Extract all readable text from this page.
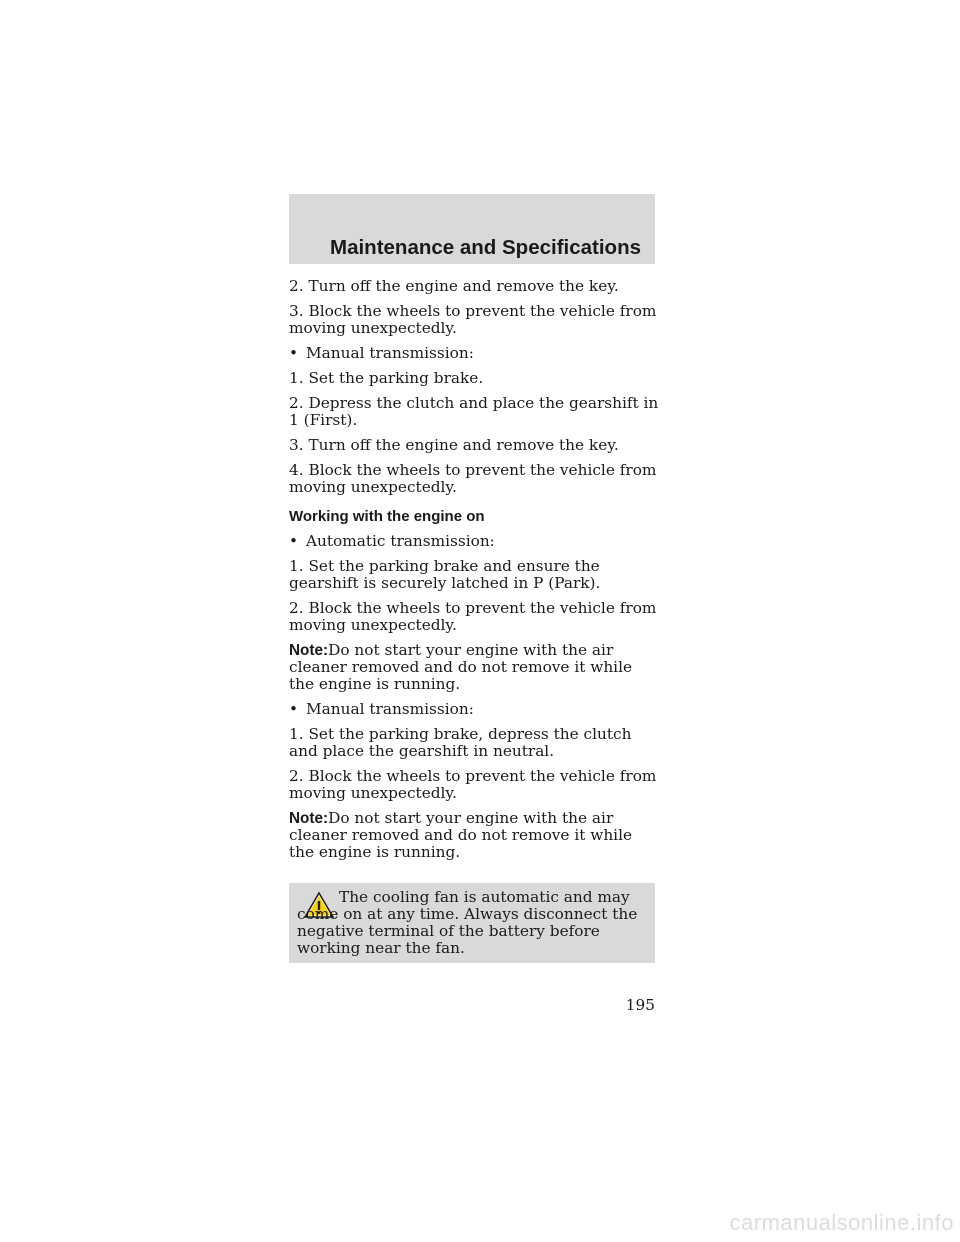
Maintenance and Specifications
2. Turn off the engine and remove the key.
3. Block the wheels to prevent the vehicle from moving unexpectedly.
• Manual transmission:
1. Set the parking brake.
2. Depress the clutch and place the gearshift in 1 (First).
3. Turn off the engine and remove the key.
4. Block the wheels to prevent the vehicle from moving unexpectedly.
Working with the engine on
• Automatic transmission:
1. Set the parking brake and ensure the gearshift is securely latched in P (Park).
2. Block the wheels to prevent the vehicle from moving unexpectedly.
Note:Do not start your engine with the air cleaner removed and do not remove it while the engine is running.
• Manual transmission:
1. Set the parking brake, depress the clutch and place the gearshift in neutral.
2. Block the wheels to prevent the vehicle from moving unexpectedly.
Note:Do not start your engine with the air cleaner removed and do not remove it while the engine is running.
The cooling fan is automatic and may come on at any time. Always disconnect the negative terminal of the battery before working near the fan.
195
carmanualsonline.info
